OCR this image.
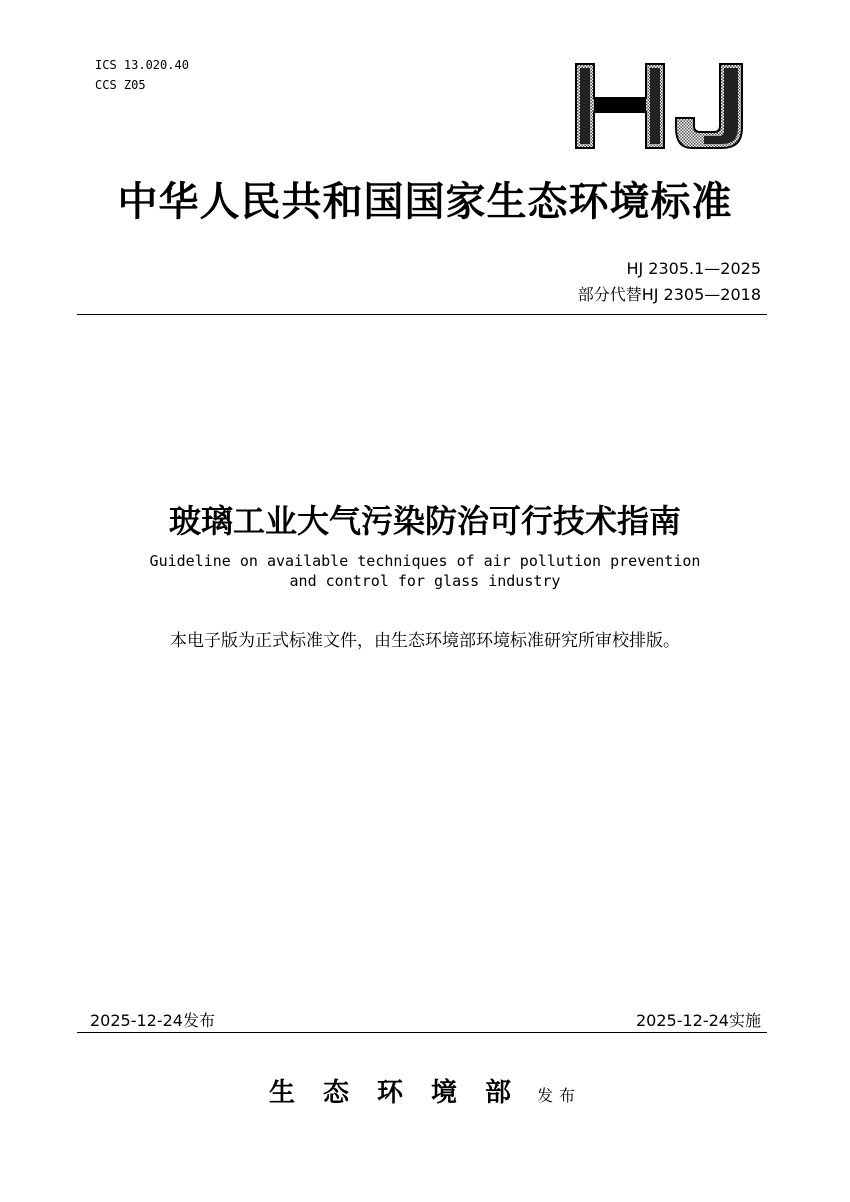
ICS 13.020.40
CCS Z05
中华人民共和国国家生态环境标准
HJ 2305.1—2025
部分代替HJ 2305—2018
玻璃工业大气污染防治可行技术指南
Guideline on available techniques of air pollution prevention
and control for glass industry
本电子版为正式标准文件，由生态环境部环境标准研究所审校排版。
2025-12-24发布	2025-12-24实施
生态环境部 发布
